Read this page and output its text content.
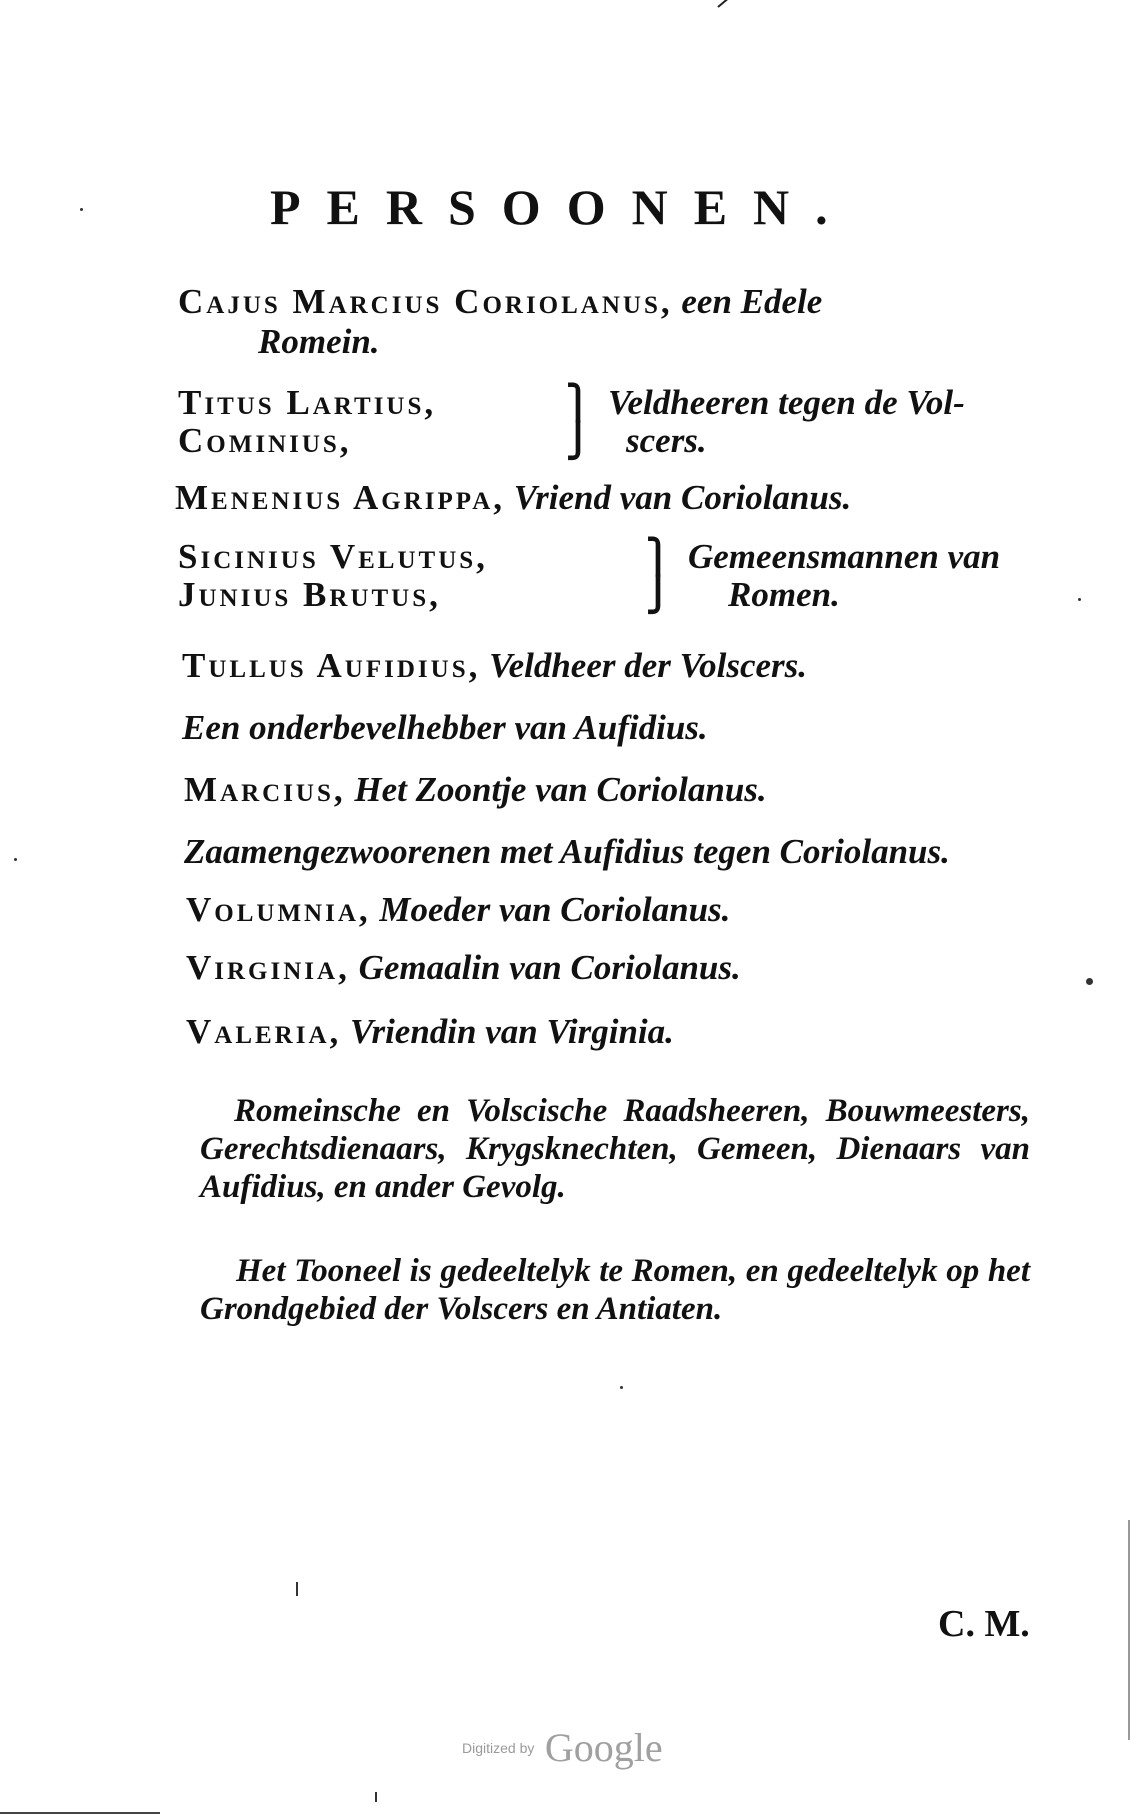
PERSOONEN.
Cajus Marcius Coriolanus, een Edele
Romein.
Titus Lartius,
Cominius,
⎫
⎭
Veldheeren tegen de Vol-
scers.
Menenius Agrippa, Vriend van Coriolanus.
Sicinius Velutus,
Junius Brutus,
⎫
⎭
Gemeensmannen van
Romen.
Tullus Aufidius, Veldheer der Volscers.
Een onderbevelhebber van Aufidius.
Marcius, Het Zoontje van Coriolanus.
Zaamengezwoorenen met Aufidius tegen Coriolanus.
Volumnia, Moeder van Coriolanus.
Virginia, Gemaalin van Coriolanus.
Valeria, Vriendin van Virginia.
Romeinsche en Volscische Raadsheeren, Bouwmeesters, Gerechtsdienaars, Krygsknechten, Gemeen, Dienaars van Aufidius, en ander Gevolg.
Het Tooneel is gedeeltelyk te Romen, en gedeeltelyk op het Grondgebied der Volscers en Antiaten.
C. M.
Digitized by Google
